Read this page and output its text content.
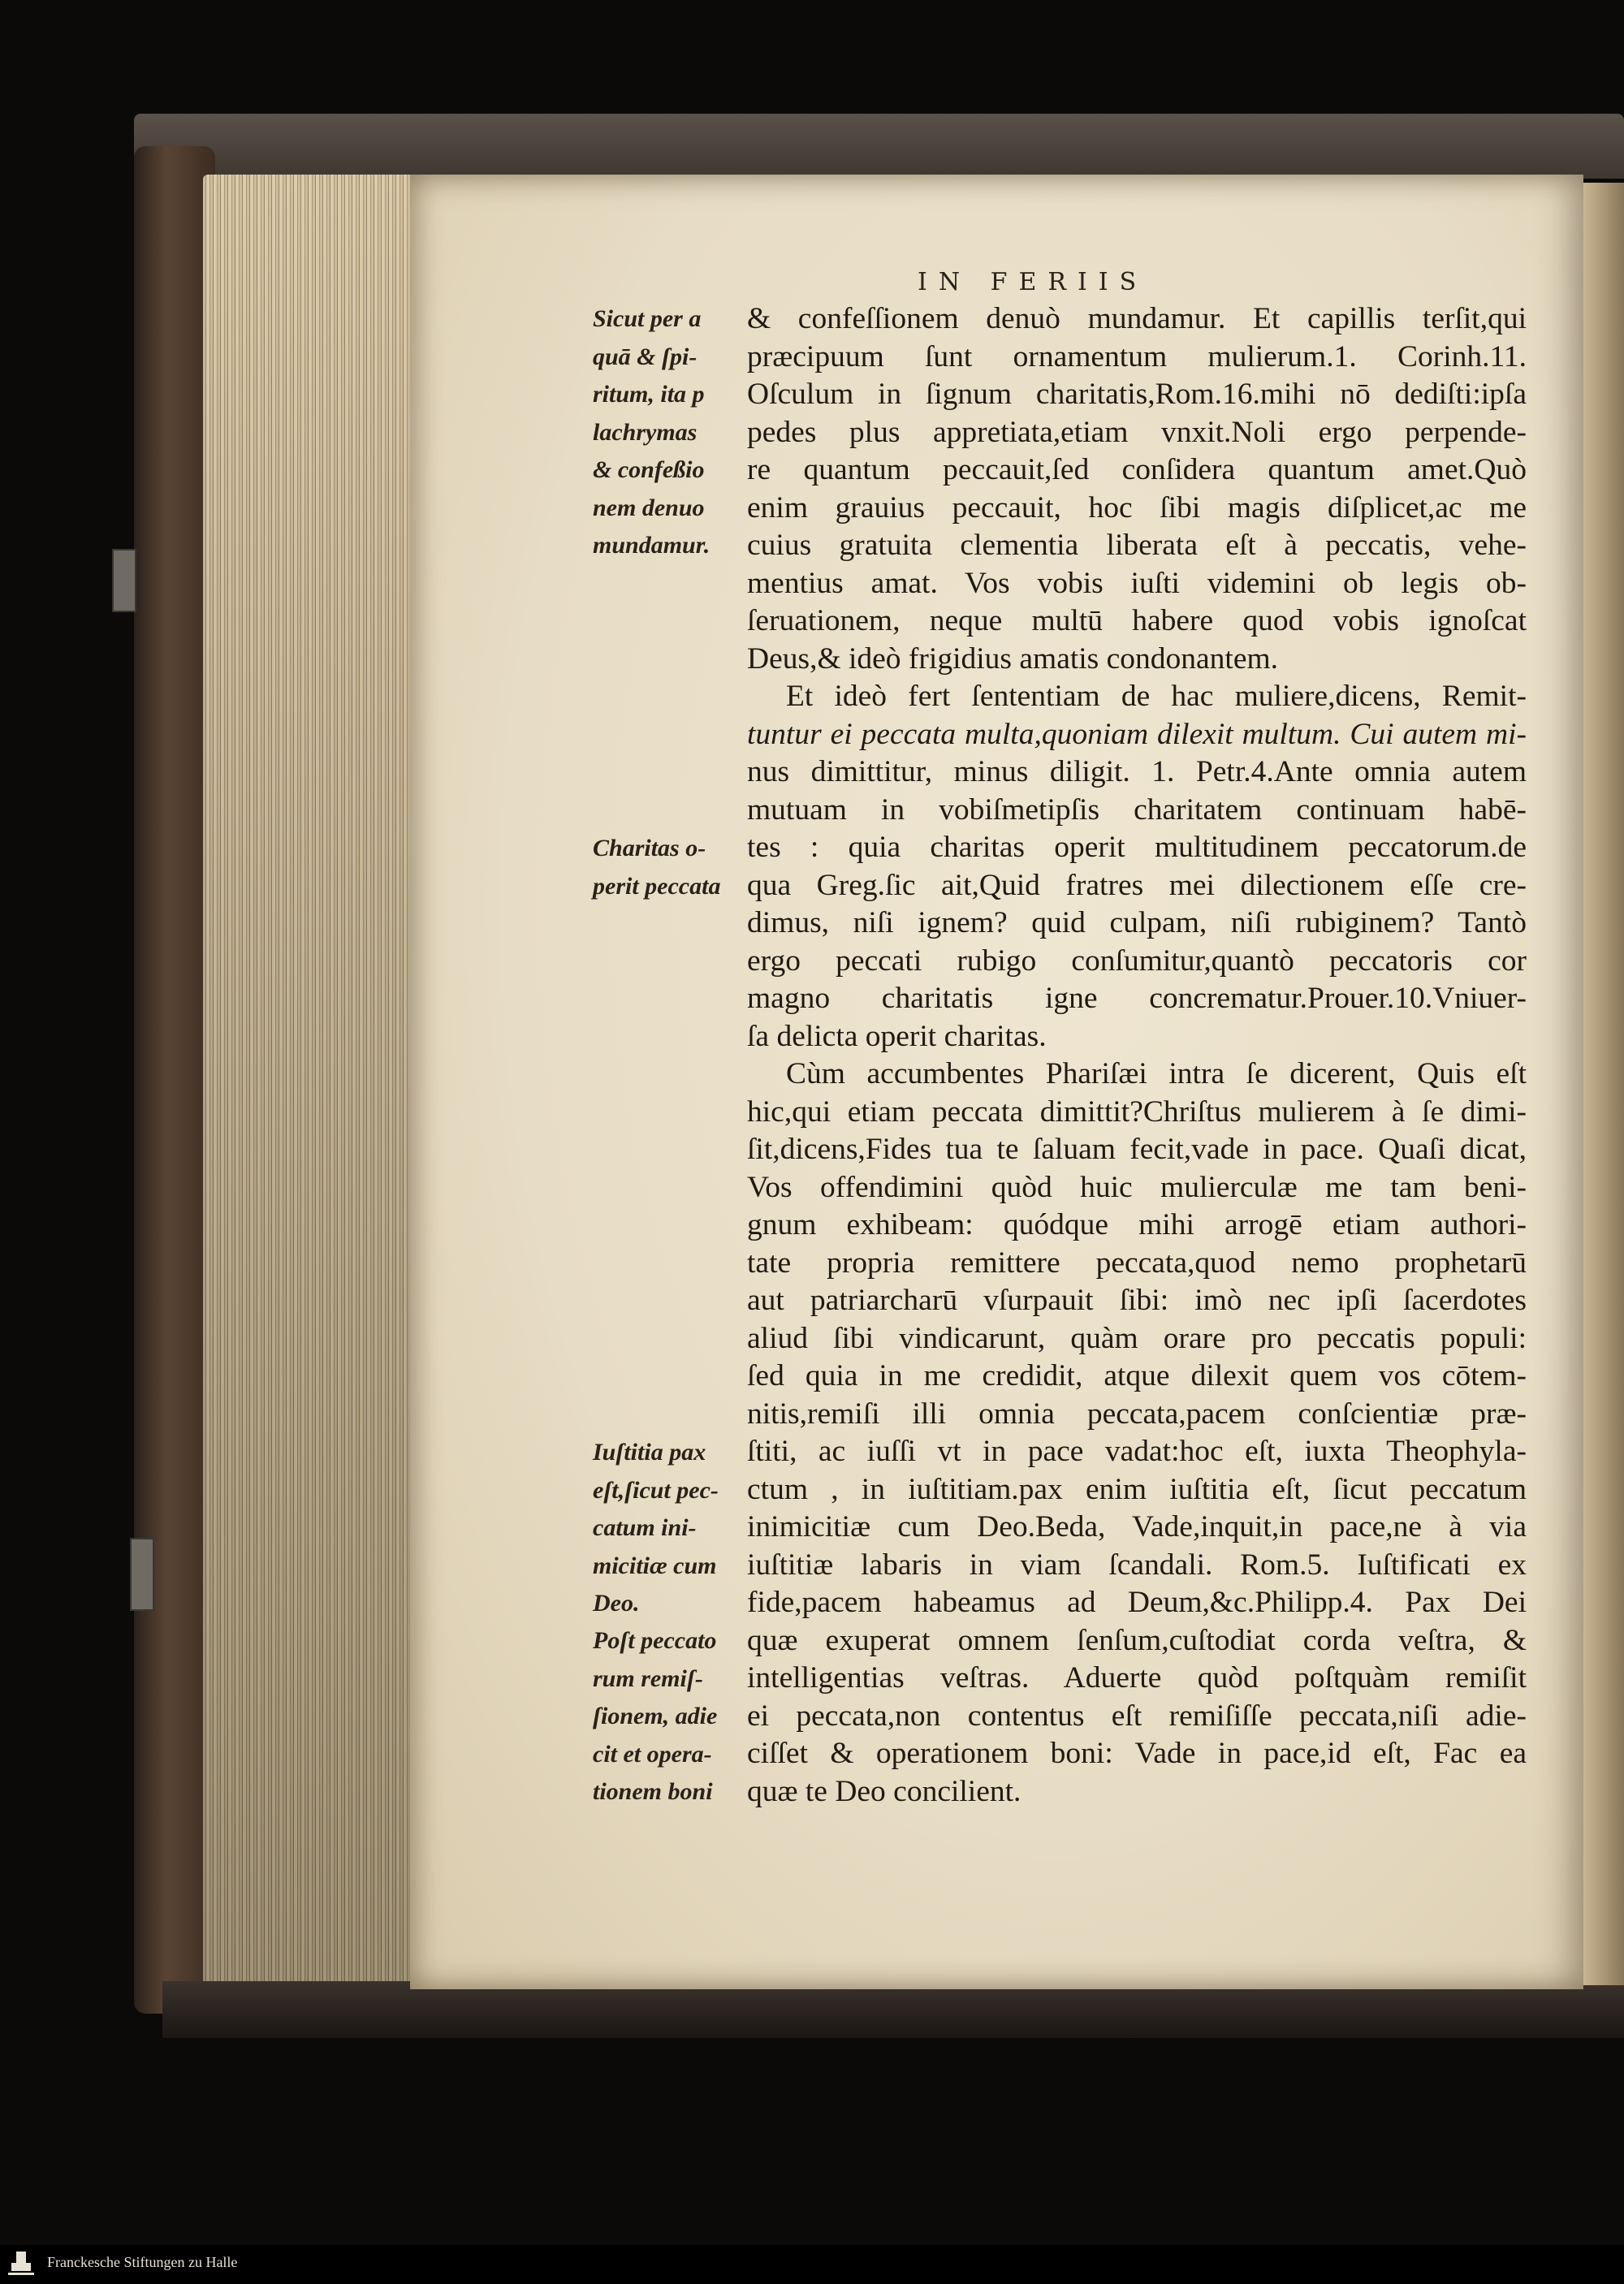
IN FERIIS
Sicut per a
quā & ſpi-
ritum, ita p
lachrymas
& confeßio
nem denuo
mundamur.
Charitas o-
perit peccata
Iuſtitia pax
eſt,ſicut pec-
catum ini-
micitiæ cum
Deo.
Poſt peccato
rum remiſ-
ſionem, adie
cit et opera-
tionem boni
& confeſſionem denuò mundamur. Et capillis terſit,qui
præcipuum ſunt ornamentum mulierum.1. Corinh.11.
Oſculum in ſignum charitatis,Rom.16.mihi nō dediſti:ipſa
pedes plus appretiata,etiam vnxit.Noli ergo perpende-
re quantum peccauit,ſed conſidera quantum amet.Quò
enim grauius peccauit, hoc ſibi magis diſplicet,ac me
cuius gratuita clementia liberata eſt à peccatis, vehe-
mentius amat. Vos vobis iuſti videmini ob legis ob-
ſeruationem, neque multū habere quod vobis ignoſcat
Deus,& ideò frigidius amatis condonantem.
Et ideò fert ſententiam de hac muliere,dicens, Remit-
tuntur ei peccata multa,quoniam dilexit multum. Cui autem mi-
nus dimittitur, minus diligit. 1. Petr.4.Ante omnia autem
mutuam in vobiſmetipſis charitatem continuam habē-
tes : quia charitas operit multitudinem peccatorum.de
qua Greg.ſic ait,Quid fratres mei dilectionem eſſe cre-
dimus, niſi ignem? quid culpam, niſi rubiginem? Tantò
ergo peccati rubigo conſumitur,quantò peccatoris cor
magno charitatis igne concrematur.Prouer.10.Vniuer-
ſa delicta operit charitas.
Cùm accumbentes Phariſæi intra ſe dicerent, Quis eſt
hic,qui etiam peccata dimittit?Chriſtus mulierem à ſe dimi-
ſit,dicens,Fides tua te ſaluam fecit,vade in pace. Quaſi dicat,
Vos offendimini quòd huic mulierculæ me tam beni-
gnum exhibeam: quódque mihi arrogē etiam authori-
tate propria remittere peccata,quod nemo prophetarū
aut patriarcharū vſurpauit ſibi: imò nec ipſi ſacerdotes
aliud ſibi vindicarunt, quàm orare pro peccatis populi:
ſed quia in me credidit, atque dilexit quem vos cōtem-
nitis,remiſi illi omnia peccata,pacem conſcientiæ præ-
ſtiti, ac iuſſi vt in pace vadat:hoc eſt, iuxta Theophyla-
ctum , in iuſtitiam.pax enim iuſtitia eſt, ſicut peccatum
inimicitiæ cum Deo.Beda, Vade,inquit,in pace,ne à via
iuſtitiæ labaris in viam ſcandali. Rom.5. Iuſtificati ex
fide,pacem habeamus ad Deum,&c.Philipp.4. Pax Dei
quæ exuperat omnem ſenſum,cuſtodiat corda veſtra, &
intelligentias veſtras. Aduerte quòd poſtquàm remiſit
ei peccata,non contentus eſt remiſiſſe peccata,niſi adie-
ciſſet & operationem boni: Vade in pace,id eſt, Fac ea
quæ te Deo concilient.
Franckesche Stiftungen zu Halle
